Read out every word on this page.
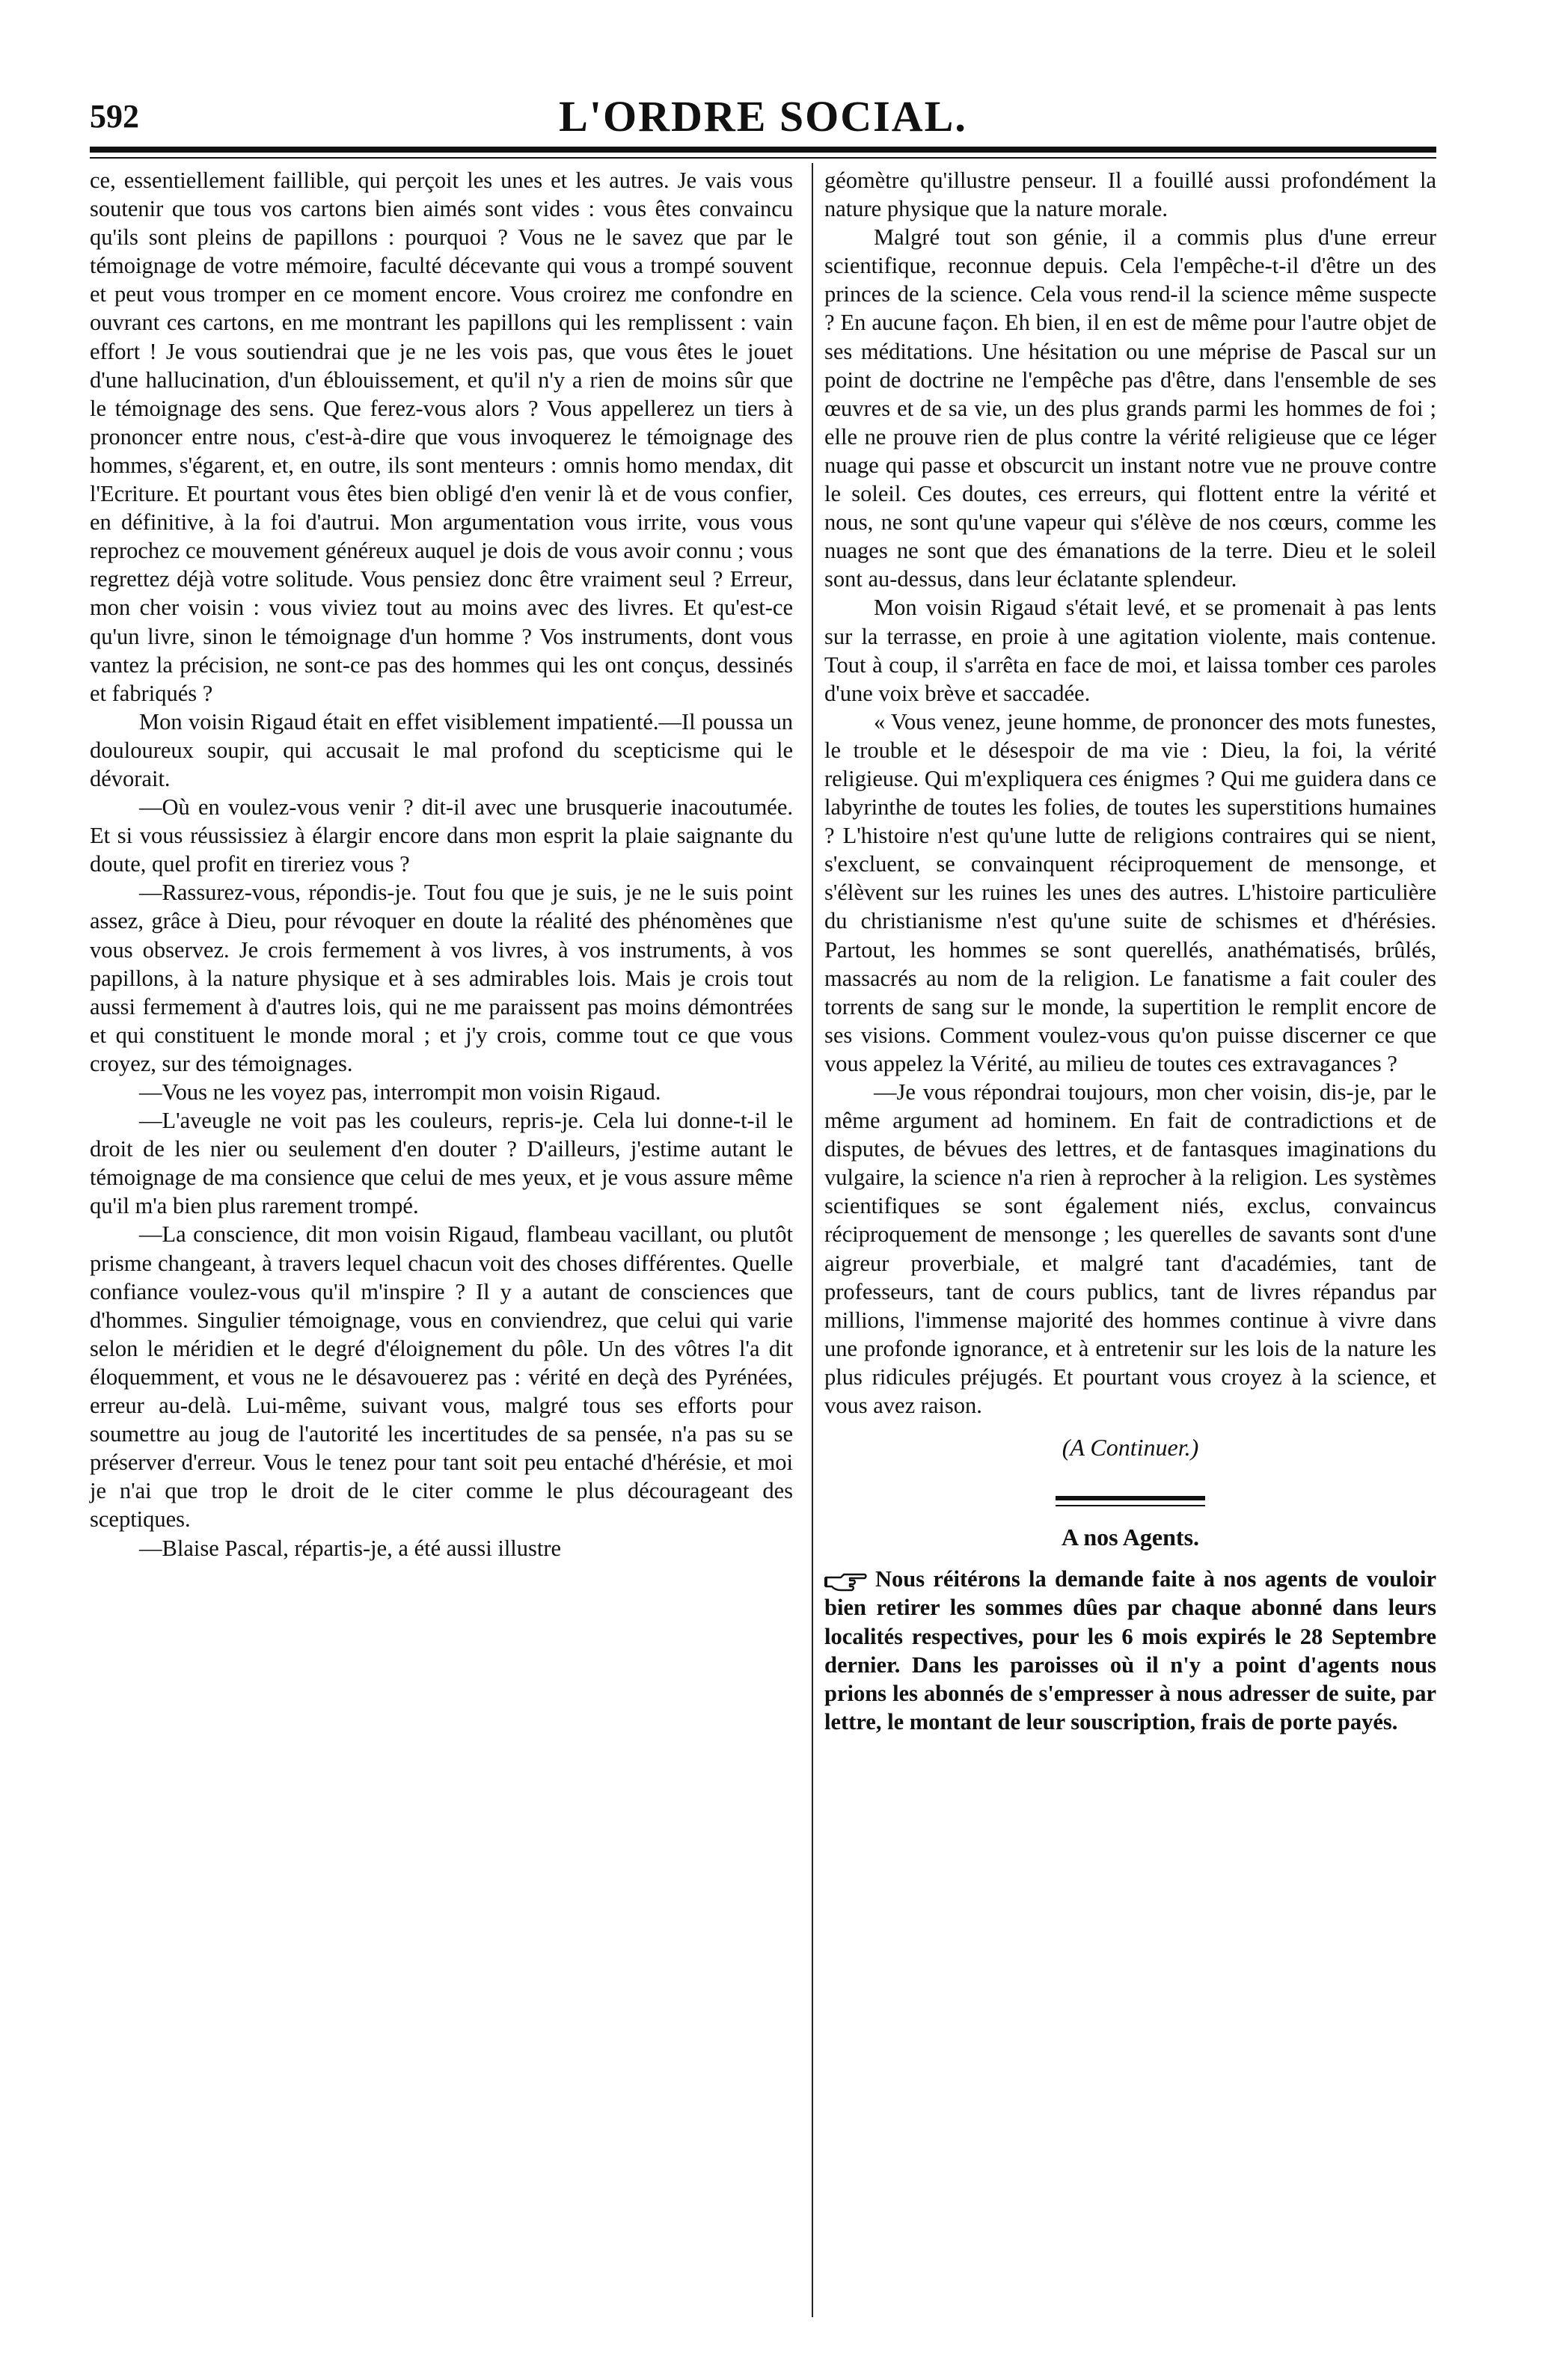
592	L'ORDRE SOCIAL.

ce, essentiellement faillible, qui perçoit les unes et les autres. Je vais vous soutenir que tous vos cartons bien aimés sont vides : vous êtes convaincu qu'ils sont pleins de papillons : pourquoi ? Vous ne le savez que par le témoignage de votre mémoire, faculté décevante qui vous a trompé souvent et peut vous tromper en ce moment encore. Vous croirez me confondre en ouvrant ces cartons, en me montrant les papillons qui les remplissent : vain effort ! Je vous soutiendrai que je ne les vois pas, que vous êtes le jouet d'une hallucination, d'un éblouissement, et qu'il n'y a rien de moins sûr que le témoignage des sens. Que ferez-vous alors ? Vous appellerez un tiers à prononcer entre nous, c'est-à-dire que vous invoquerez le témoignage des hommes, s'égarent, et, en outre, ils sont menteurs : omnis homo mendax, dit l'Ecriture. Et pourtant vous êtes bien obligé d'en venir là et de vous confier, en définitive, à la foi d'autrui. Mon argumentation vous irrite, vous vous reprochez ce mouvement généreux auquel je dois de vous avoir connu ; vous regrettez déjà votre solitude. Vous pensiez donc être vraiment seul ? Erreur, mon cher voisin : vous viviez tout au moins avec des livres. Et qu'est-ce qu'un livre, sinon le témoignage d'un homme ? Vos instruments, dont vous vantez la précision, ne sont-ce pas des hommes qui les ont conçus, dessinés et fabriqués ?

Mon voisin Rigaud était en effet visiblement impatienté.—Il poussa un douloureux soupir, qui accusait le mal profond du scepticisme qui le dévorait.

—Où en voulez-vous venir ? dit-il avec une brusquerie inacoutumée. Et si vous réussissiez à élargir encore dans mon esprit la plaie saignante du doute, quel profit en tireriez vous ?

—Rassurez-vous, répondis-je. Tout fou que je suis, je ne le suis point assez, grâce à Dieu, pour révoquer en doute la réalité des phénomènes que vous observez. Je crois fermement à vos livres, à vos instruments, à vos papillons, à la nature physique et à ses admirables lois. Mais je crois tout aussi fermement à d'autres lois, qui ne me paraissent pas moins démontrées et qui constituent le monde moral ; et j'y crois, comme tout ce que vous croyez, sur des témoignages.

—Vous ne les voyez pas, interrompit mon voisin Rigaud.

—L'aveugle ne voit pas les couleurs, repris-je. Cela lui donne-t-il le droit de les nier ou seulement d'en douter ? D'ailleurs, j'estime autant le témoignage de ma consience que celui de mes yeux, et je vous assure même qu'il m'a bien plus rarement trompé.

—La conscience, dit mon voisin Rigaud, flambeau vacillant, ou plutôt prisme changeant, à travers lequel chacun voit des choses différentes. Quelle confiance voulez-vous qu'il m'inspire ? Il y a autant de consciences que d'hommes. Singulier témoignage, vous en conviendrez, que celui qui varie selon le méridien et le degré d'éloignement du pôle. Un des vôtres l'a dit éloquemment, et vous ne le désavouerez pas : vérité en deçà des Pyrénées, erreur au-delà. Lui-même, suivant vous, malgré tous ses efforts pour soumettre au joug de l'autorité les incertitudes de sa pensée, n'a pas su se préserver d'erreur. Vous le tenez pour tant soit peu entaché d'hérésie, et moi je n'ai que trop le droit de le citer comme le plus décourageant des sceptiques.

—Blaise Pascal, répartis-je, a été aussi illustre

géomètre qu'illustre penseur. Il a fouillé aussi profondément la nature physique que la nature morale.

Malgré tout son génie, il a commis plus d'une erreur scientifique, reconnue depuis. Cela l'empêche-t-il d'être un des princes de la science. Cela vous rend-il la science même suspecte ? En aucune façon. Eh bien, il en est de même pour l'autre objet de ses méditations. Une hésitation ou une méprise de Pascal sur un point de doctrine ne l'empêche pas d'être, dans l'ensemble de ses œuvres et de sa vie, un des plus grands parmi les hommes de foi ; elle ne prouve rien de plus contre la vérité religieuse que ce léger nuage qui passe et obscurcit un instant notre vue ne prouve contre le soleil. Ces doutes, ces erreurs, qui flottent entre la vérité et nous, ne sont qu'une vapeur qui s'élève de nos cœurs, comme les nuages ne sont que des émanations de la terre. Dieu et le soleil sont au-dessus, dans leur éclatante splendeur.

Mon voisin Rigaud s'était levé, et se promenait à pas lents sur la terrasse, en proie à une agitation violente, mais contenue. Tout à coup, il s'arrêta en face de moi, et laissa tomber ces paroles d'une voix brève et saccadée.

« Vous venez, jeune homme, de prononcer des mots funestes, le trouble et le désespoir de ma vie : Dieu, la foi, la vérité religieuse. Qui m'expliquera ces énigmes ? Qui me guidera dans ce labyrinthe de toutes les folies, de toutes les superstitions humaines ? L'histoire n'est qu'une lutte de religions contraires qui se nient, s'excluent, se convainquent réciproquement de mensonge, et s'élèvent sur les ruines les unes des autres. L'histoire particulière du christianisme n'est qu'une suite de schismes et d'hérésies. Partout, les hommes se sont querellés, anathématisés, brûlés, massacrés au nom de la religion. Le fanatisme a fait couler des torrents de sang sur le monde, la supertition le remplit encore de ses visions. Comment voulez-vous qu'on puisse discerner ce que vous appelez la Vérité, au milieu de toutes ces extravagances ?

—Je vous répondrai toujours, mon cher voisin, dis-je, par le même argument ad hominem. En fait de contradictions et de disputes, de bévues des lettres, et de fantasques imaginations du vulgaire, la science n'a rien à reprocher à la religion. Les systèmes scientifiques se sont également niés, exclus, convaincus réciproquement de mensonge ; les querelles de savants sont d'une aigreur proverbiale, et malgré tant d'académies, tant de professeurs, tant de cours publics, tant de livres répandus par millions, l'immense majorité des hommes continue à vivre dans une profonde ignorance, et à entretenir sur les lois de la nature les plus ridicules préjugés. Et pourtant vous croyez à la science, et vous avez raison.

(A Continuer.)
A nos Agents.

Nous réitérons la demande faite à nos agents de vouloir bien retirer les sommes dûes par chaque abonné dans leurs localités respectives, pour les 6 mois expirés le 28 Septembre dernier. Dans les paroisses où il n'y a point d'agents nous prions les abonnés de s'empresser à nous adresser de suite, par lettre, le montant de leur souscription, frais de porte payés.
